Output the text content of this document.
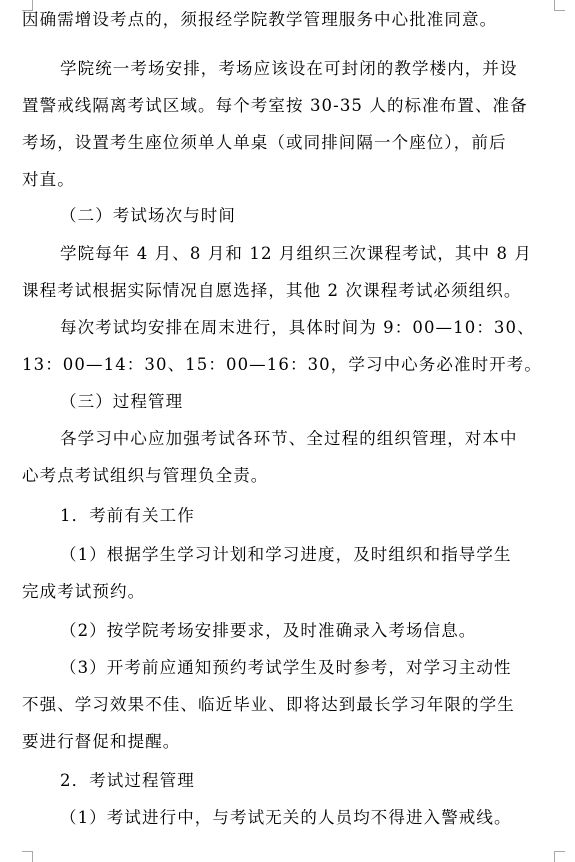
因确需增设考点的，须报经学院教学管理服务中心批准同意。
学院统一考场安排，考场应该设在可封闭的教学楼内，并设
置警戒线隔离考试区域。每个考室按 30-35 人的标准布置、准备
考场，设置考生座位须单人单桌（或同排间隔一个座位），前后
对直。
（二）考试场次与时间
学院每年 4 月、8 月和 12 月组织三次课程考试，其中 8 月
课程考试根据实际情况自愿选择，其他 2 次课程考试必须组织。
每次考试均安排在周末进行，具体时间为 9：00—10：30、
13：00—14：30、15：00—16：30，学习中心务必准时开考。
（三）过程管理
各学习中心应加强考试各环节、全过程的组织管理，对本中
心考点考试组织与管理负全责。
1．考前有关工作
（1）根据学生学习计划和学习进度，及时组织和指导学生
完成考试预约。
（2）按学院考场安排要求，及时准确录入考场信息。
（3）开考前应通知预约考试学生及时参考，对学习主动性
不强、学习效果不佳、临近毕业、即将达到最长学习年限的学生
要进行督促和提醒。
2．考试过程管理
（1）考试进行中，与考试无关的人员均不得进入警戒线。
